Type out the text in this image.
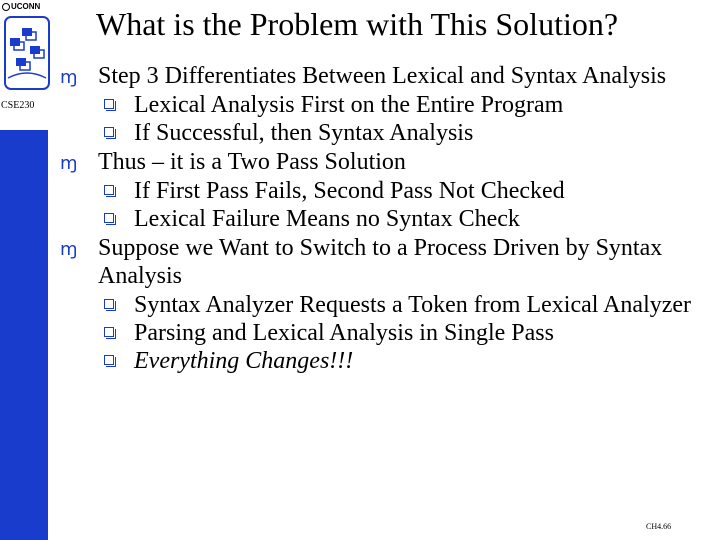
UCONN
CSE230
What is the Problem with This Solution?
ɱ Step 3 Differentiates Between Lexical and Syntax Analysis
Lexical Analysis First on the Entire Program
If Successful, then Syntax Analysis
ɱ Thus – it is a Two Pass Solution
If First Pass Fails, Second Pass Not Checked
Lexical Failure Means no Syntax Check
ɱ Suppose we Want to Switch to a Process Driven by Syntax Analysis
Syntax Analyzer Requests a Token from Lexical Analyzer
Parsing and Lexical Analysis in Single Pass
Everything Changes!!!
CH4.66
